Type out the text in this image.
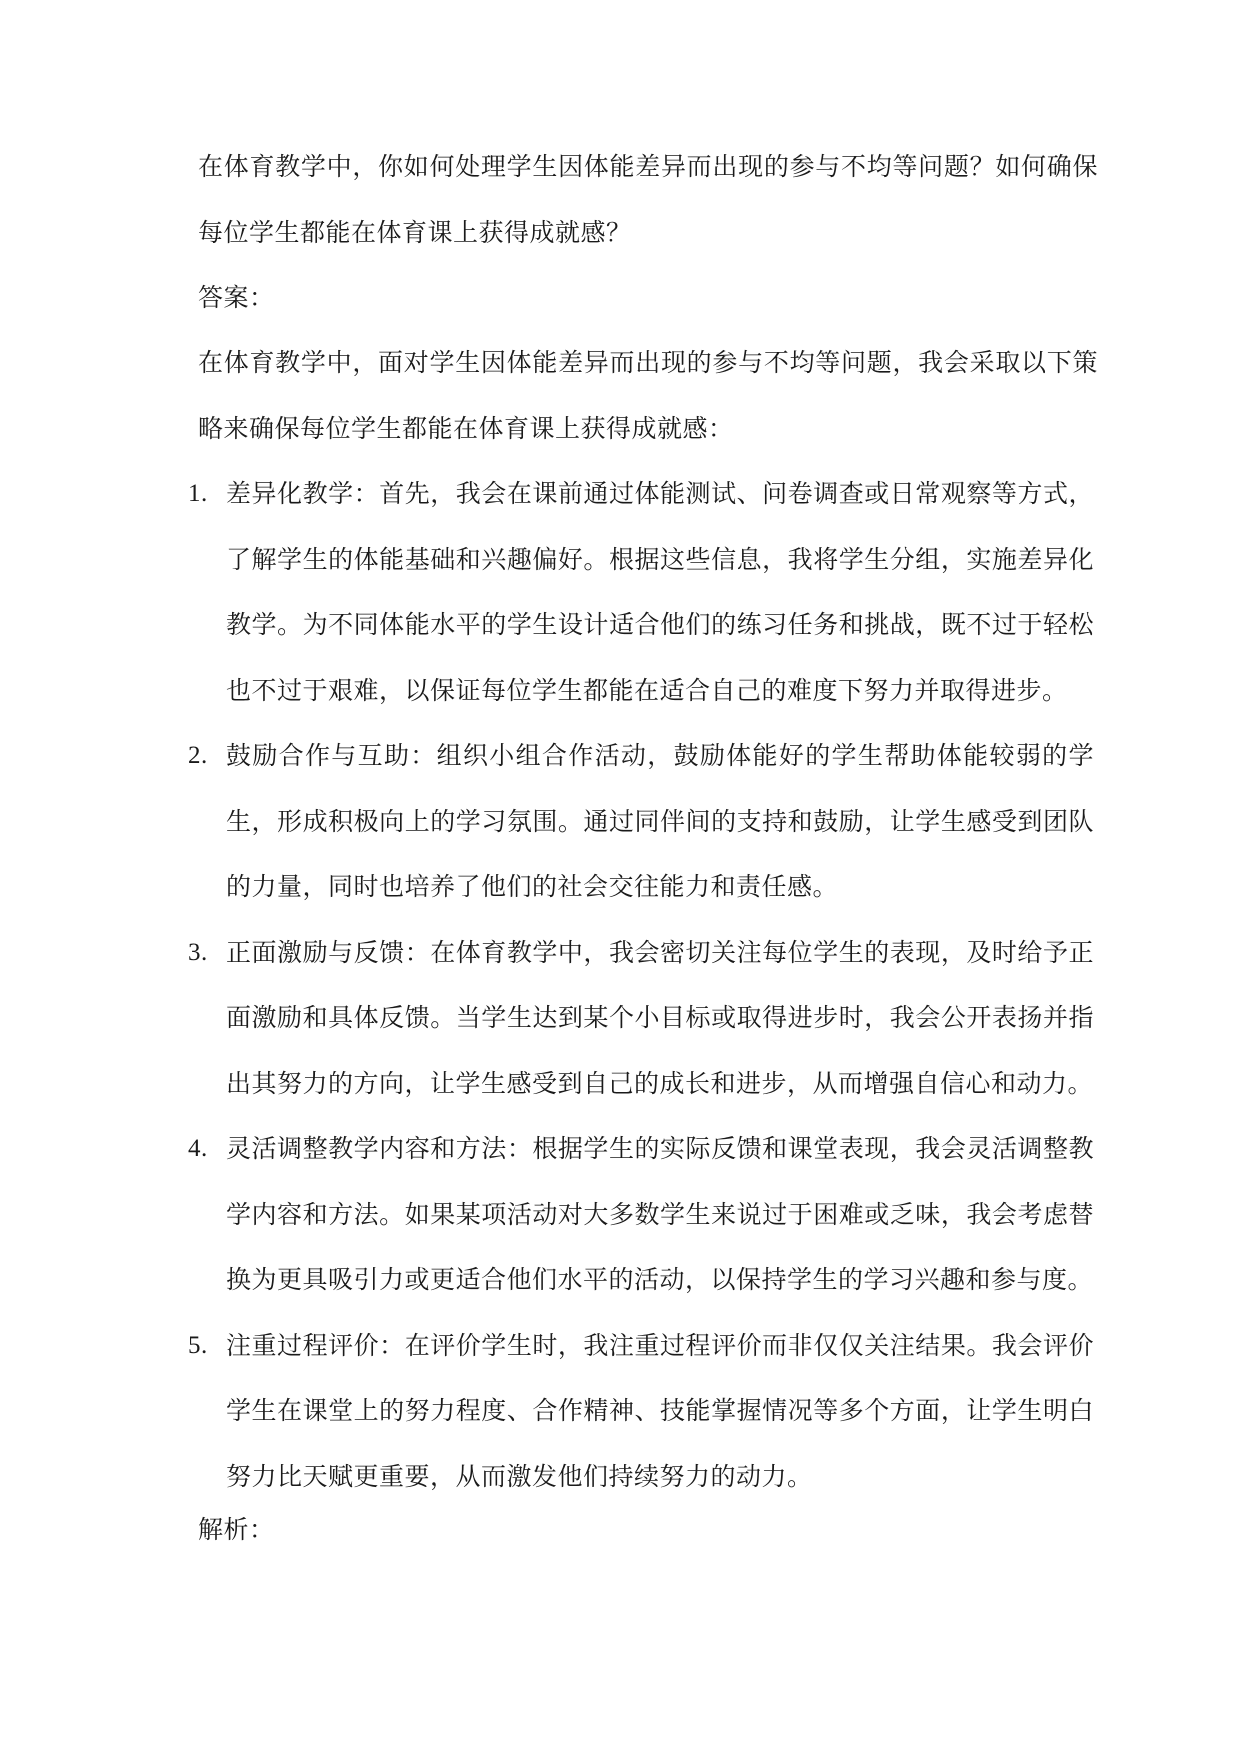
在体育教学中，你如何处理学生因体能差异而出现的参与不均等问题？如何确保每位学生都能在体育课上获得成就感？
答案：
在体育教学中，面对学生因体能差异而出现的参与不均等问题，我会采取以下策略来确保每位学生都能在体育课上获得成就感：
1. 差异化教学：首先，我会在课前通过体能测试、问卷调查或日常观察等方式，了解学生的体能基础和兴趣偏好。根据这些信息，我将学生分组，实施差异化教学。为不同体能水平的学生设计适合他们的练习任务和挑战，既不过于轻松也不过于艰难，以保证每位学生都能在适合自己的难度下努力并取得进步。
2. 鼓励合作与互助：组织小组合作活动，鼓励体能好的学生帮助体能较弱的学生，形成积极向上的学习氛围。通过同伴间的支持和鼓励，让学生感受到团队的力量，同时也培养了他们的社会交往能力和责任感。
3. 正面激励与反馈：在体育教学中，我会密切关注每位学生的表现，及时给予正面激励和具体反馈。当学生达到某个小目标或取得进步时，我会公开表扬并指出其努力的方向，让学生感受到自己的成长和进步，从而增强自信心和动力。
4. 灵活调整教学内容和方法：根据学生的实际反馈和课堂表现，我会灵活调整教学内容和方法。如果某项活动对大多数学生来说过于困难或乏味，我会考虑替换为更具吸引力或更适合他们水平的活动，以保持学生的学习兴趣和参与度。
5. 注重过程评价：在评价学生时，我注重过程评价而非仅仅关注结果。我会评价学生在课堂上的努力程度、合作精神、技能掌握情况等多个方面，让学生明白努力比天赋更重要，从而激发他们持续努力的动力。
解析：
